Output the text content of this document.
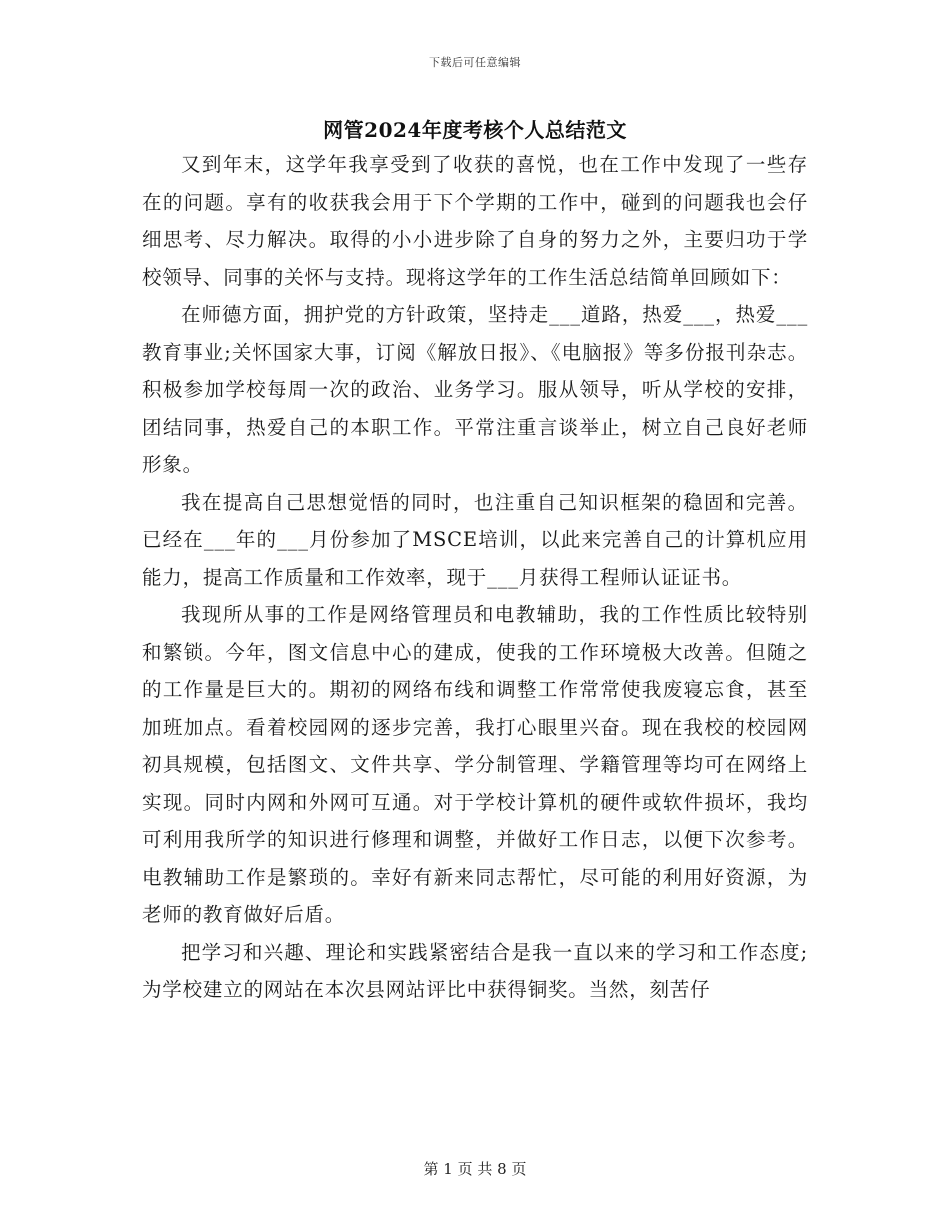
下载后可任意编辑
网管2024年度考核个人总结范文

又到年末，这学年我享受到了收获的喜悦，也在工作中发现了一些存在的问题。享有的收获我会用于下个学期的工作中，碰到的问题我也会仔细思考、尽力解决。取得的小小进步除了自身的努力之外，主要归功于学校领导、同事的关怀与支持。现将这学年的工作生活总结简单回顾如下：

在师德方面，拥护党的方针政策，坚持走___道路，热爱___，热爱___教育事业;关怀国家大事，订阅《解放日报》、《电脑报》等多份报刊杂志。积极参加学校每周一次的政治、业务学习。服从领导，听从学校的安排，团结同事，热爱自己的本职工作。平常注重言谈举止，树立自己良好老师形象。

我在提高自己思想觉悟的同时，也注重自己知识框架的稳固和完善。已经在___年的___月份参加了MSCE培训，以此来完善自己的计算机应用能力，提高工作质量和工作效率，现于___月获得工程师认证证书。

我现所从事的工作是网络管理员和电教辅助，我的工作性质比较特别和繁锁。今年，图文信息中心的建成，使我的工作环境极大改善。但随之的工作量是巨大的。期初的网络布线和调整工作常常使我废寝忘食，甚至加班加点。看着校园网的逐步完善，我打心眼里兴奋。现在我校的校园网初具规模，包括图文、文件共享、学分制管理、学籍管理等均可在网络上实现。同时内网和外网可互通。对于学校计算机的硬件或软件损坏，我均可利用我所学的知识进行修理和调整，并做好工作日志，以便下次参考。电教辅助工作是繁琐的。幸好有新来同志帮忙，尽可能的利用好资源，为老师的教育做好后盾。

把学习和兴趣、理论和实践紧密结合是我一直以来的学习和工作态度;为学校建立的网站在本次县网站评比中获得铜奖。当然，刻苦仔

第 1 页 共 8 页
